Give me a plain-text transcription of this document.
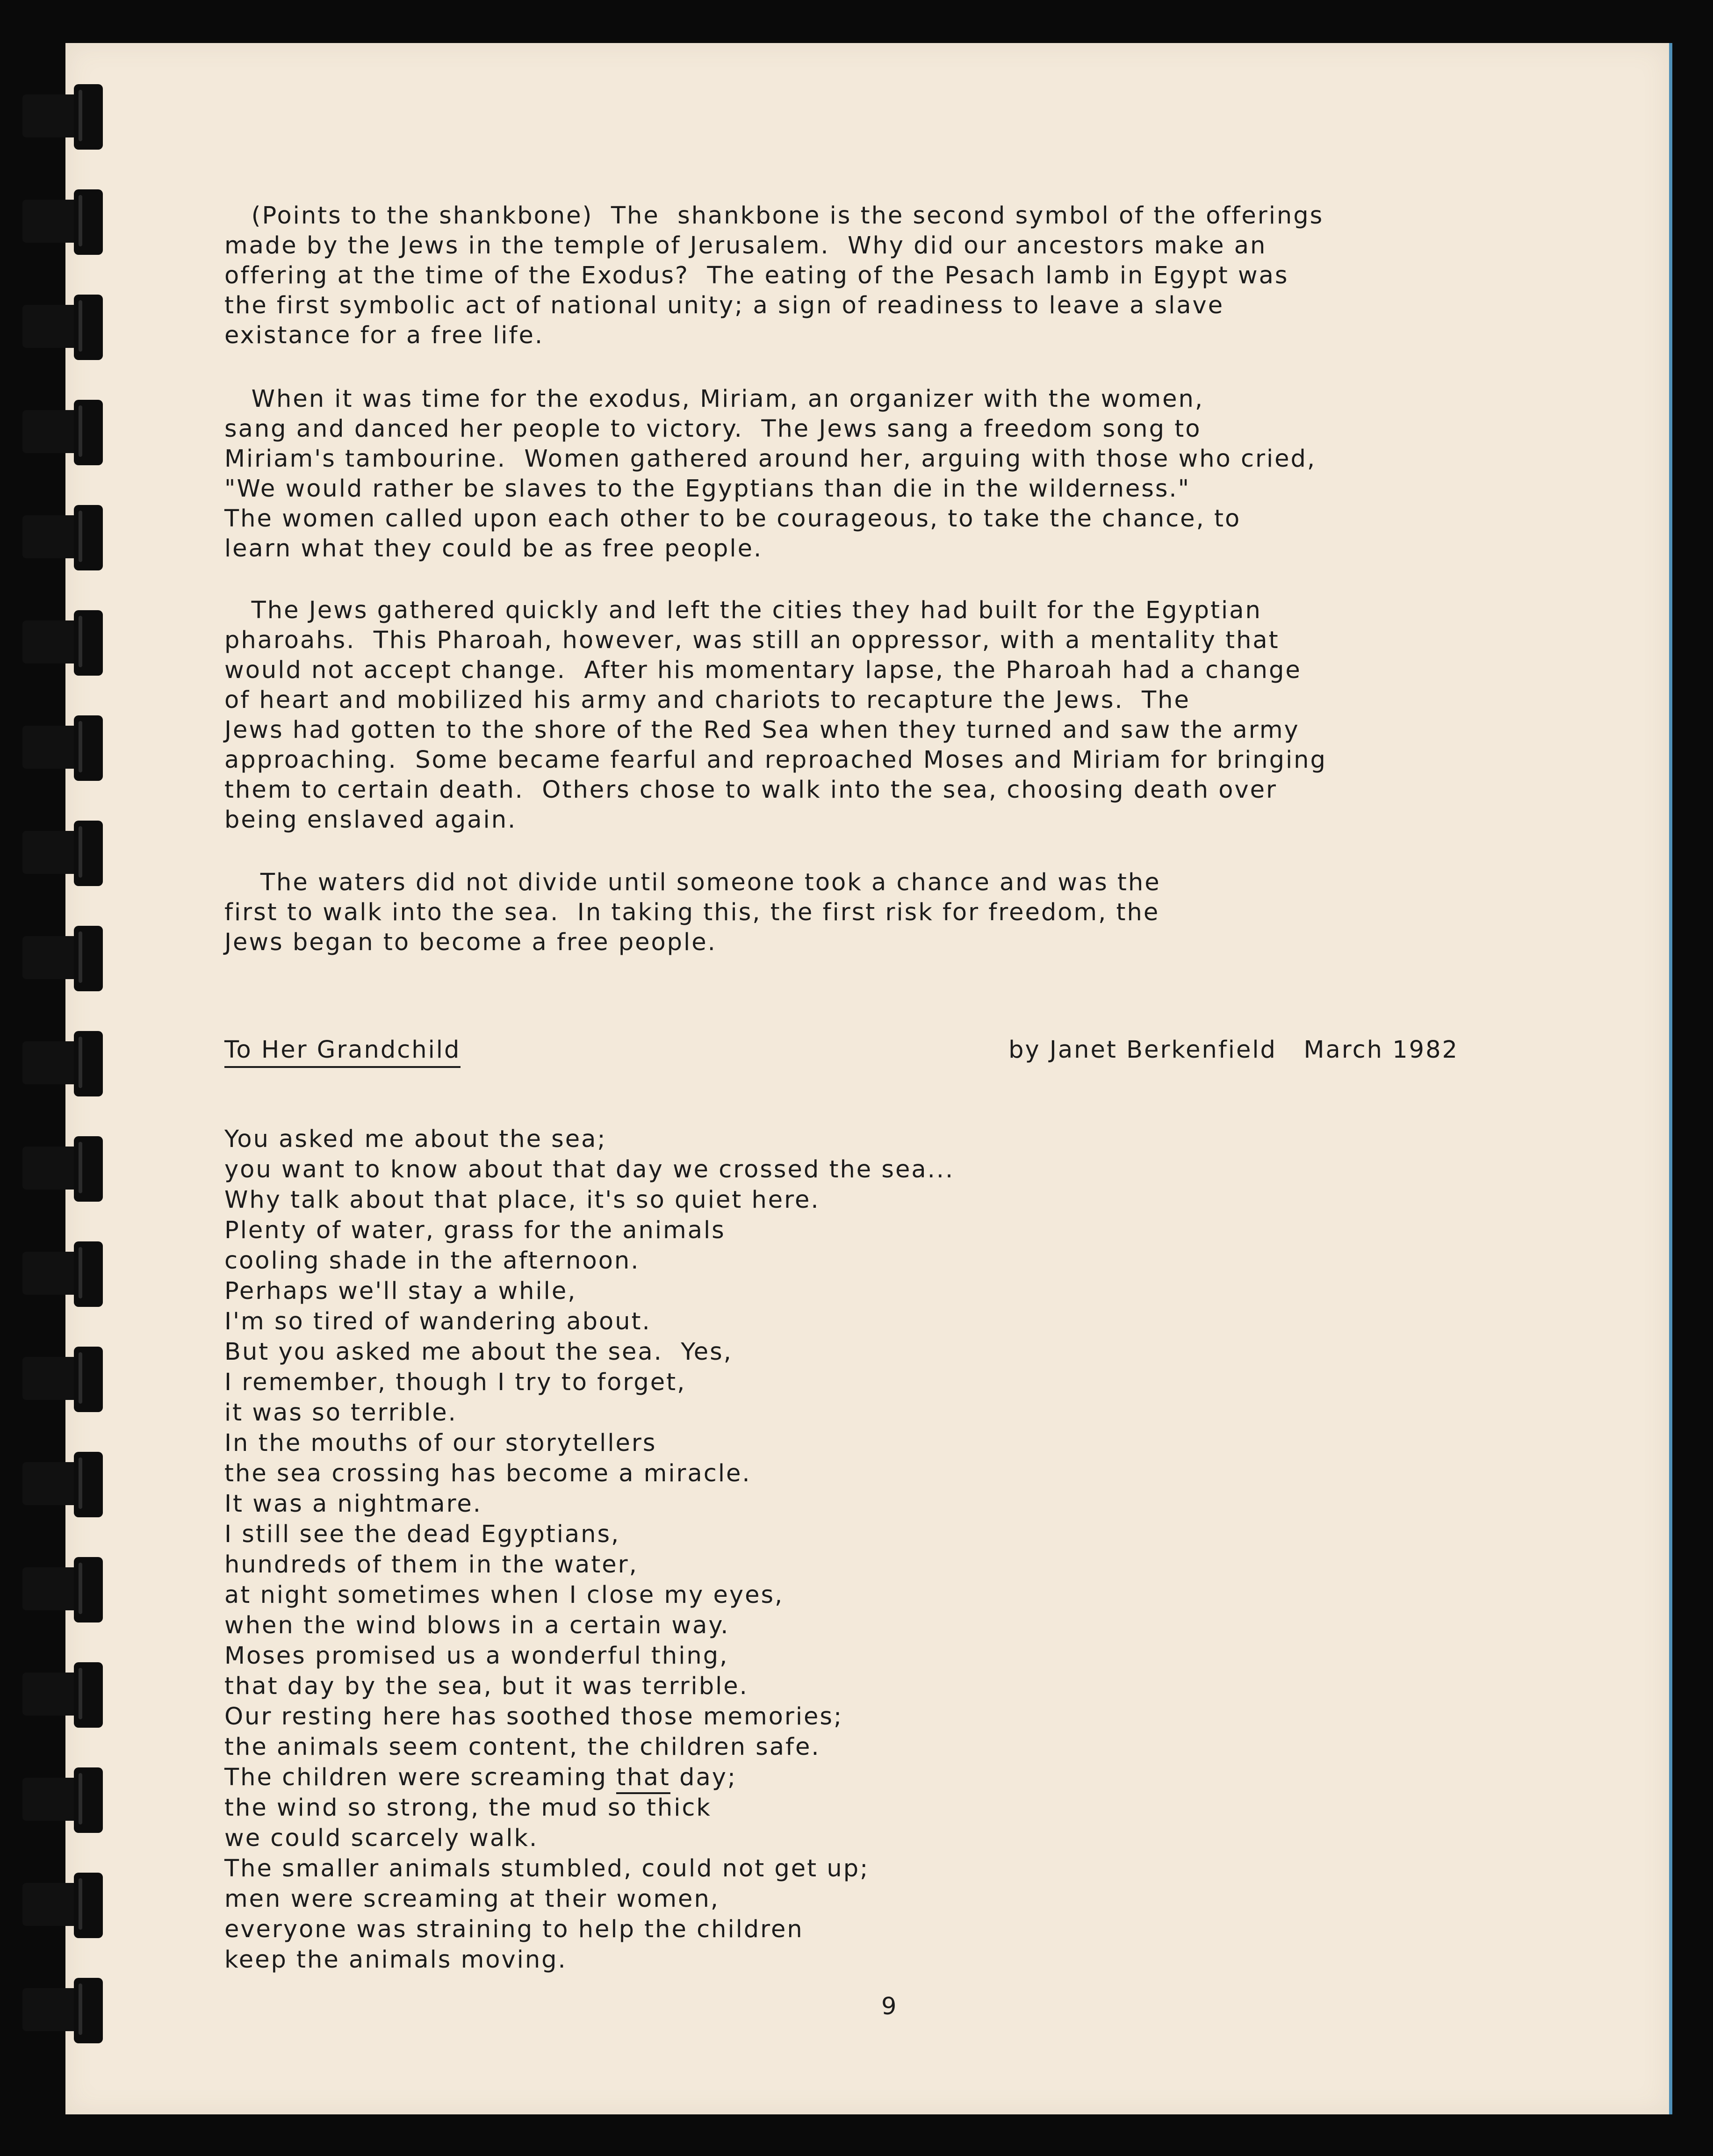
(Points to the shankbone)  The  shankbone is the second symbol of the offerings
made by the Jews in the temple of Jerusalem.  Why did our ancestors make an
offering at the time of the Exodus?  The eating of the Pesach lamb in Egypt was
the first symbolic act of national unity; a sign of readiness to leave a slave
existance for a free life.
When it was time for the exodus, Miriam, an organizer with the women,
sang and danced her people to victory.  The Jews sang a freedom song to
Miriam's tambourine.  Women gathered around her, arguing with those who cried,
"We would rather be slaves to the Egyptians than die in the wilderness."
The women called upon each other to be courageous, to take the chance, to
learn what they could be as free people.
The Jews gathered quickly and left the cities they had built for the Egyptian
pharoahs.  This Pharoah, however, was still an oppressor, with a mentality that
would not accept change.  After his momentary lapse, the Pharoah had a change
of heart and mobilized his army and chariots to recapture the Jews.  The
Jews had gotten to the shore of the Red Sea when they turned and saw the army
approaching.  Some became fearful and reproached Moses and Miriam for bringing
them to certain death.  Others chose to walk into the sea, choosing death over
being enslaved again.
The waters did not divide until someone took a chance and was the
first to walk into the sea.  In taking this, the first risk for freedom, the
Jews began to become a free people.
To Her Grandchild	by Janet Berkenfield   March 1982
You asked me about the sea;
you want to know about that day we crossed the sea...
Why talk about that place, it's so quiet here.
Plenty of water, grass for the animals
cooling shade in the afternoon.
Perhaps we'll stay a while,
I'm so tired of wandering about.
But you asked me about the sea.  Yes,
I remember, though I try to forget,
it was so terrible.
In the mouths of our storytellers
the sea crossing has become a miracle.
It was a nightmare.
I still see the dead Egyptians,
hundreds of them in the water,
at night sometimes when I close my eyes,
when the wind blows in a certain way.
Moses promised us a wonderful thing,
that day by the sea, but it was terrible.
Our resting here has soothed those memories;
the animals seem content, the children safe.
The children were screaming that day;
the wind so strong, the mud so thick
we could scarcely walk.
The smaller animals stumbled, could not get up;
men were screaming at their women,
everyone was straining to help the children
keep the animals moving.
9
